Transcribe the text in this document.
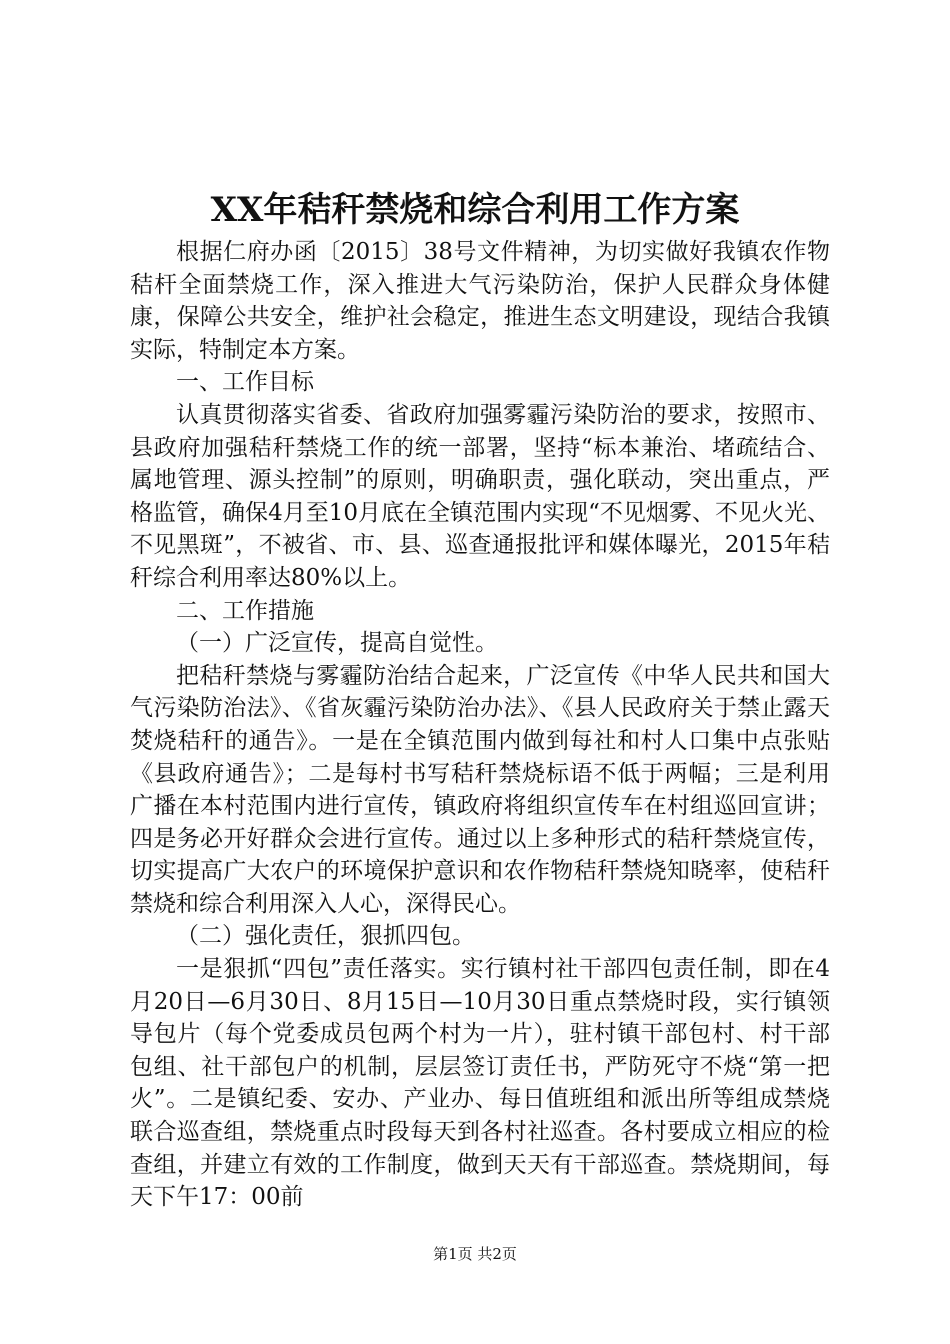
XX年秸秆禁烧和综合利用工作方案

根据仁府办函〔2015〕38号文件精神，为切实做好我镇农作物秸杆全面禁烧工作，深入推进大气污染防治，保护人民群众身体健康，保障公共安全，维护社会稳定，推进生态文明建设，现结合我镇实际，特制定本方案。

一、工作目标

认真贯彻落实省委、省政府加强雾霾污染防治的要求，按照市、县政府加强秸秆禁烧工作的统一部署，坚持“标本兼治、堵疏结合、属地管理、源头控制”的原则，明确职责，强化联动，突出重点，严格监管，确保4月至10月底在全镇范围内实现“不见烟雾、不见火光、不见黑斑”，不被省、市、县、巡查通报批评和媒体曝光，2015年秸秆综合利用率达80%以上。

二、工作措施

（一）广泛宣传，提高自觉性。

把秸秆禁烧与雾霾防治结合起来，广泛宣传《中华人民共和国大气污染防治法》、《省灰霾污染防治办法》、《县人民政府关于禁止露天焚烧秸秆的通告》。一是在全镇范围内做到每社和村人口集中点张贴《县政府通告》；二是每村书写秸秆禁烧标语不低于两幅；三是利用广播在本村范围内进行宣传，镇政府将组织宣传车在村组巡回宣讲；四是务必开好群众会进行宣传。通过以上多种形式的秸秆禁烧宣传，切实提高广大农户的环境保护意识和农作物秸秆禁烧知晓率，使秸秆禁烧和综合利用深入人心，深得民心。

（二）强化责任，狠抓四包。

一是狠抓“四包”责任落实。实行镇村社干部四包责任制，即在4月20日—6月30日、8月15日—10月30日重点禁烧时段，实行镇领导包片（每个党委成员包两个村为一片），驻村镇干部包村、村干部包组、社干部包户的机制，层层签订责任书，严防死守不烧“第一把火”。二是镇纪委、安办、产业办、每日值班组和派出所等组成禁烧联合巡查组，禁烧重点时段每天到各村社巡查。各村要成立相应的检查组，并建立有效的工作制度，做到天天有干部巡查。禁烧期间，每天下午17：00前

第1页 共2页
